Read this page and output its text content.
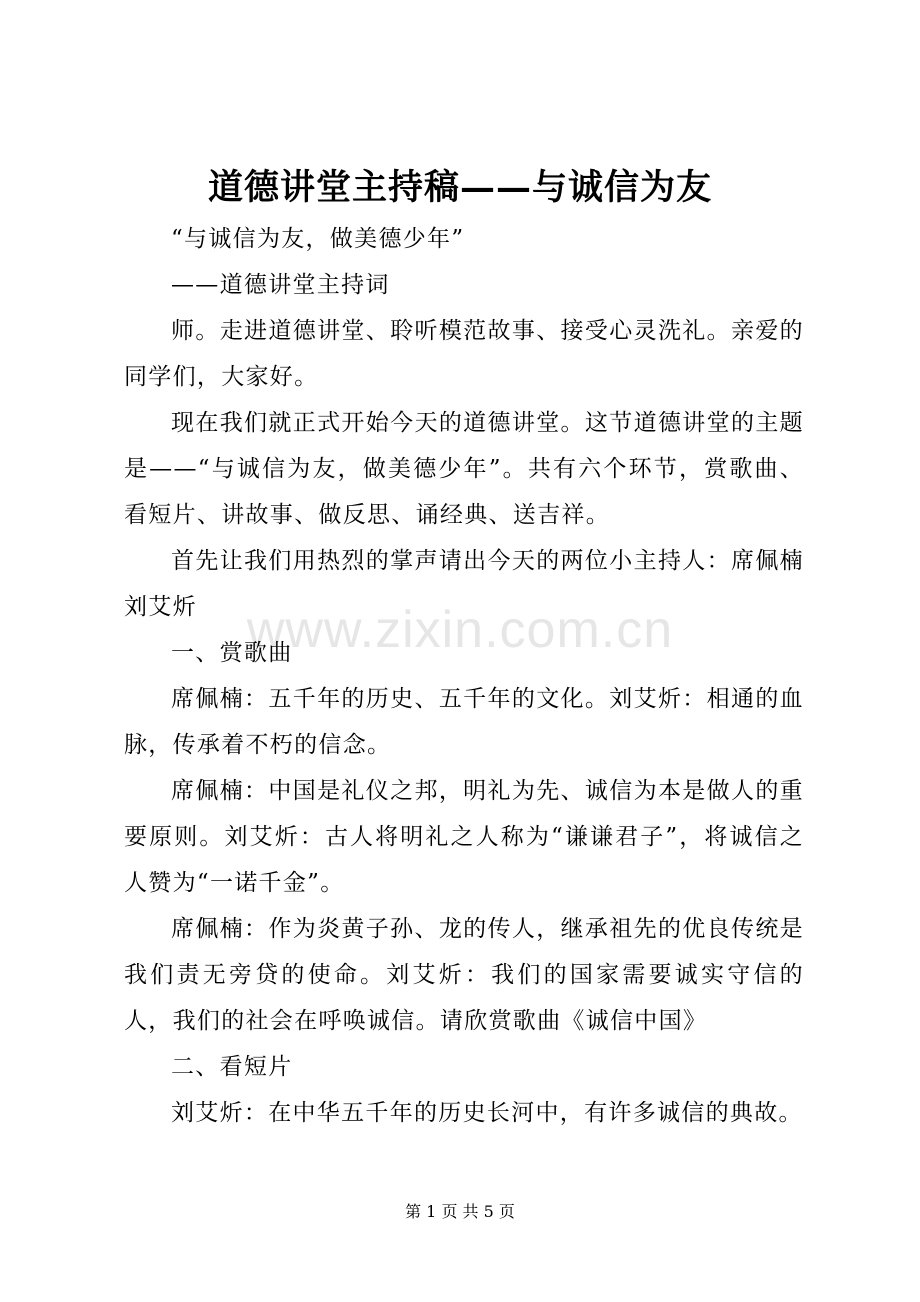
道德讲堂主持稿——与诚信为友
www.zixin.com.cn

“与诚信为友，做美德少年”

——道德讲堂主持词

师。走进道德讲堂、聆听模范故事、接受心灵洗礼。亲爱的同学们，大家好。

现在我们就正式开始今天的道德讲堂。这节道德讲堂的主题是——“与诚信为友，做美德少年”。共有六个环节，赏歌曲、看短片、讲故事、做反思、诵经典、送吉祥。

首先让我们用热烈的掌声请出今天的两位小主持人：席佩楠 刘艾炘

一、赏歌曲

席佩楠：五千年的历史、五千年的文化。刘艾炘：相通的血脉，传承着不朽的信念。

席佩楠：中国是礼仪之邦，明礼为先、诚信为本是做人的重要原则。刘艾炘：古人将明礼之人称为“谦谦君子”，将诚信之人赞为“一诺千金”。

席佩楠：作为炎黄子孙、龙的传人，继承祖先的优良传统是我们责无旁贷的使命。刘艾炘：我们的国家需要诚实守信的人，我们的社会在呼唤诚信。请欣赏歌曲《诚信中国》

二、看短片

刘艾炘：在中华五千年的历史长河中，有许多诚信的典故。

第 1 页 共 5 页
